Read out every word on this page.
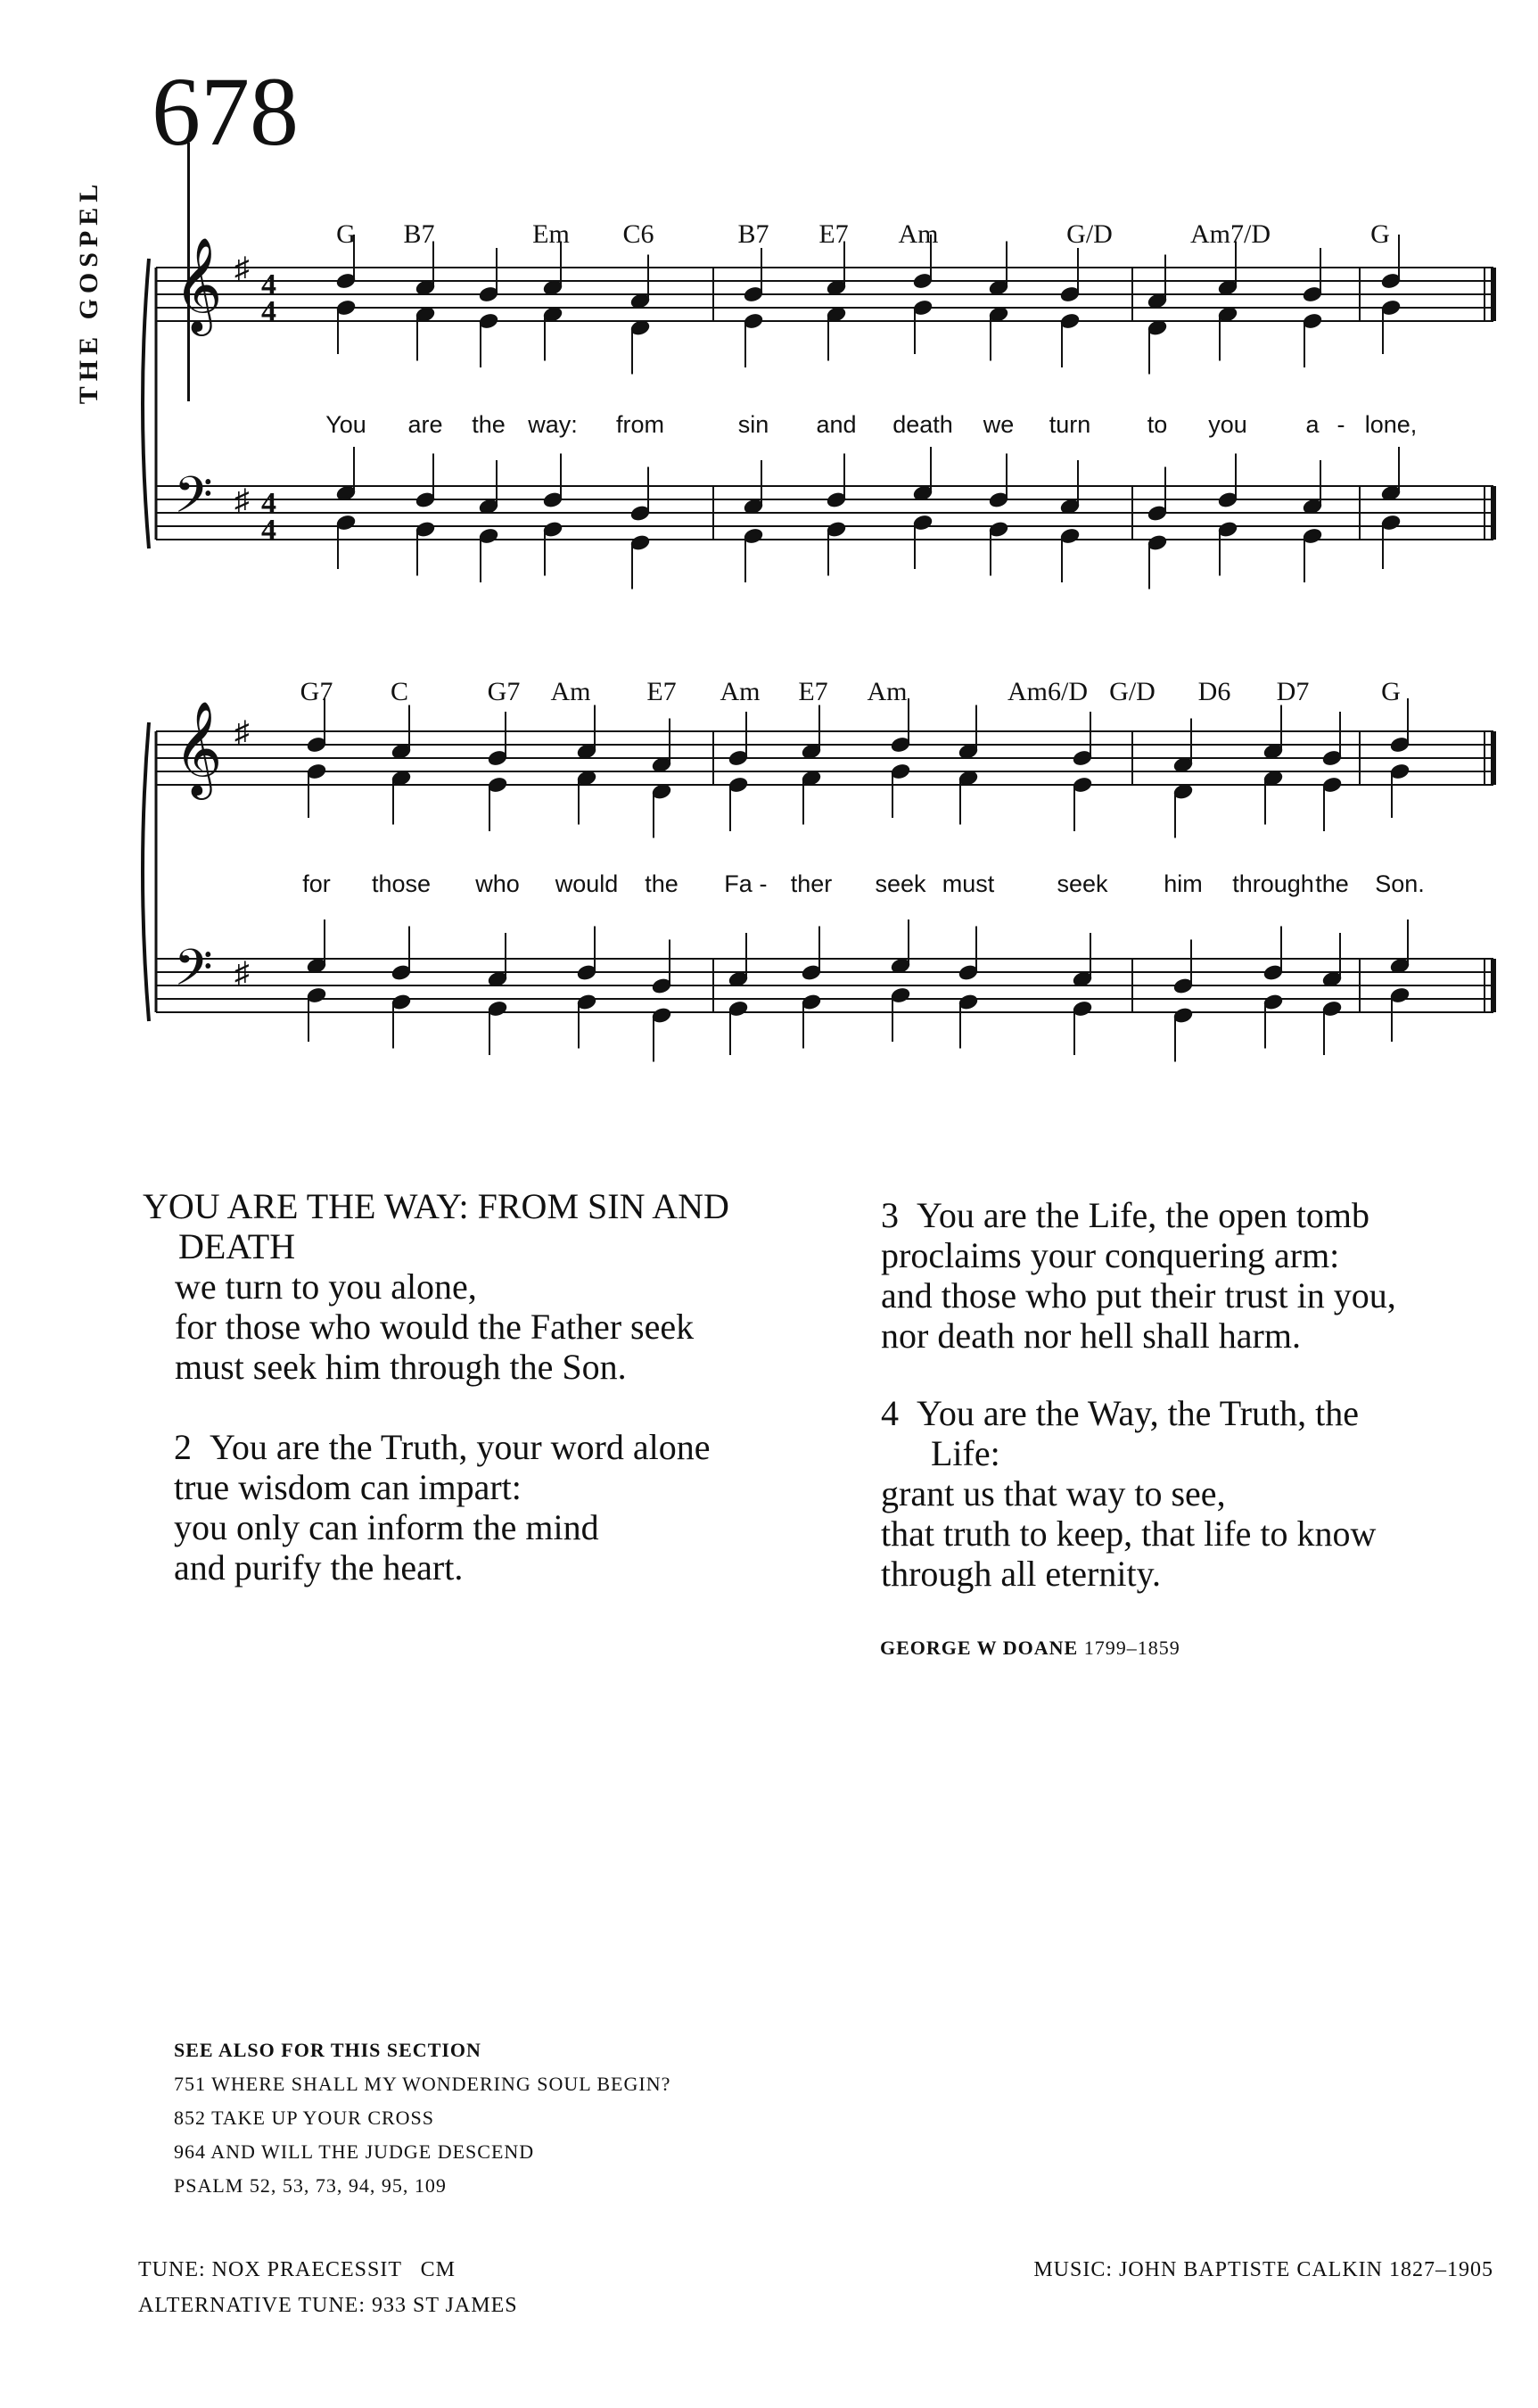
THE GOSPEL
678
𝄞
𝄢
♯
♯
4
4
4
4
G B7	Em C6	B7 E7 Am	G/D	Am7/D	G
𝄞
𝄢
♯
♯
G7 C	G7 Am E7 Am E7 Am	Am6/D G/D D6 D7	G
You are the way: from	sin and death we turn to you a - lone,
for those who would the Fa - ther seek must	seek him through the Son.
YOU ARE THE WAY: FROM SIN AND
DEATH
we turn to you alone,
for those who would the Father seek
must seek him through the Son.
2 You are the Truth, your word alone
true wisdom can impart:
you only can inform the mind
and purify the heart.
3 You are the Life, the open tomb
proclaims your conquering arm:
and those who put their trust in you,
nor death nor hell shall harm.
4 You are the Way, the Truth, the
Life:
grant us that way to see,
that truth to keep, that life to know
through all eternity.
GEORGE W DOANE 1799–1859
SEE ALSO FOR THIS SECTION
751 WHERE SHALL MY WONDERING SOUL BEGIN?
852 TAKE UP YOUR CROSS
964 AND WILL THE JUDGE DESCEND
PSALM 52, 53, 73, 94, 95, 109
TUNE: NOX PRAECESSIT   CM
ALTERNATIVE TUNE: 933 ST JAMES
MUSIC: JOHN BAPTISTE CALKIN 1827–1905
